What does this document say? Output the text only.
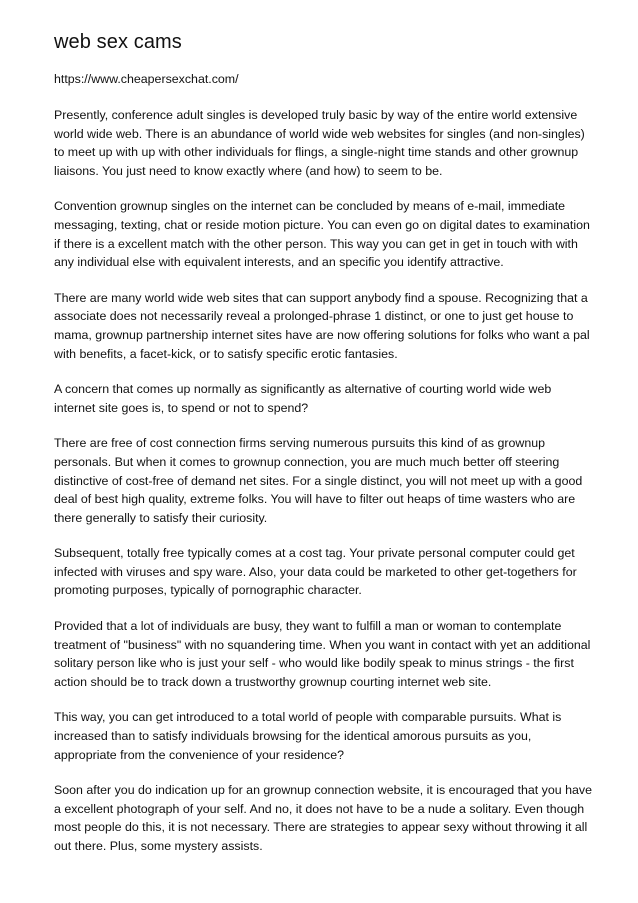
web sex cams
https://www.cheapersexchat.com/

Presently, conference adult singles is developed truly basic by way of the entire world extensive world wide web. There is an abundance of world wide web websites for singles (and non-singles) to meet up with up with other individuals for flings, a single-night time stands and other grownup liaisons. You just need to know exactly where (and how) to seem to be.

Convention grownup singles on the internet can be concluded by means of e-mail, immediate messaging, texting, chat or reside motion picture. You can even go on digital dates to examination if there is a excellent match with the other person. This way you can get in get in touch with with any individual else with equivalent interests, and an specific you identify attractive.

There are many world wide web sites that can support anybody find a spouse. Recognizing that a associate does not necessarily reveal a prolonged-phrase 1 distinct, or one to just get house to mama, grownup partnership internet sites have are now offering solutions for folks who want a pal with benefits, a facet-kick, or to satisfy specific erotic fantasies.

A concern that comes up normally as significantly as alternative of courting world wide web internet site goes is, to spend or not to spend?

There are free of cost connection firms serving numerous pursuits this kind of as grownup personals. But when it comes to grownup connection, you are much much better off steering distinctive of cost-free of demand net sites. For a single distinct, you will not meet up with a good deal of best high quality, extreme folks. You will have to filter out heaps of time wasters who are there generally to satisfy their curiosity.

Subsequent, totally free typically comes at a cost tag. Your private personal computer could get infected with viruses and spy ware. Also, your data could be marketed to other get-togethers for promoting purposes, typically of pornographic character.

Provided that a lot of individuals are busy, they want to fulfill a man or woman to contemplate treatment of "business" with no squandering time. When you want in contact with yet an additional solitary person like who is just your self - who would like bodily speak to minus strings - the first action should be to track down a trustworthy grownup courting internet web site.

This way, you can get introduced to a total world of people with comparable pursuits. What is increased than to satisfy individuals browsing for the identical amorous pursuits as you, appropriate from the convenience of your residence?

Soon after you do indication up for an grownup connection website, it is encouraged that you have a excellent photograph of your self. And no, it does not have to be a nude a solitary. Even though most people do this, it is not necessary. There are strategies to appear sexy without throwing it all out there. Plus, some mystery assists.
